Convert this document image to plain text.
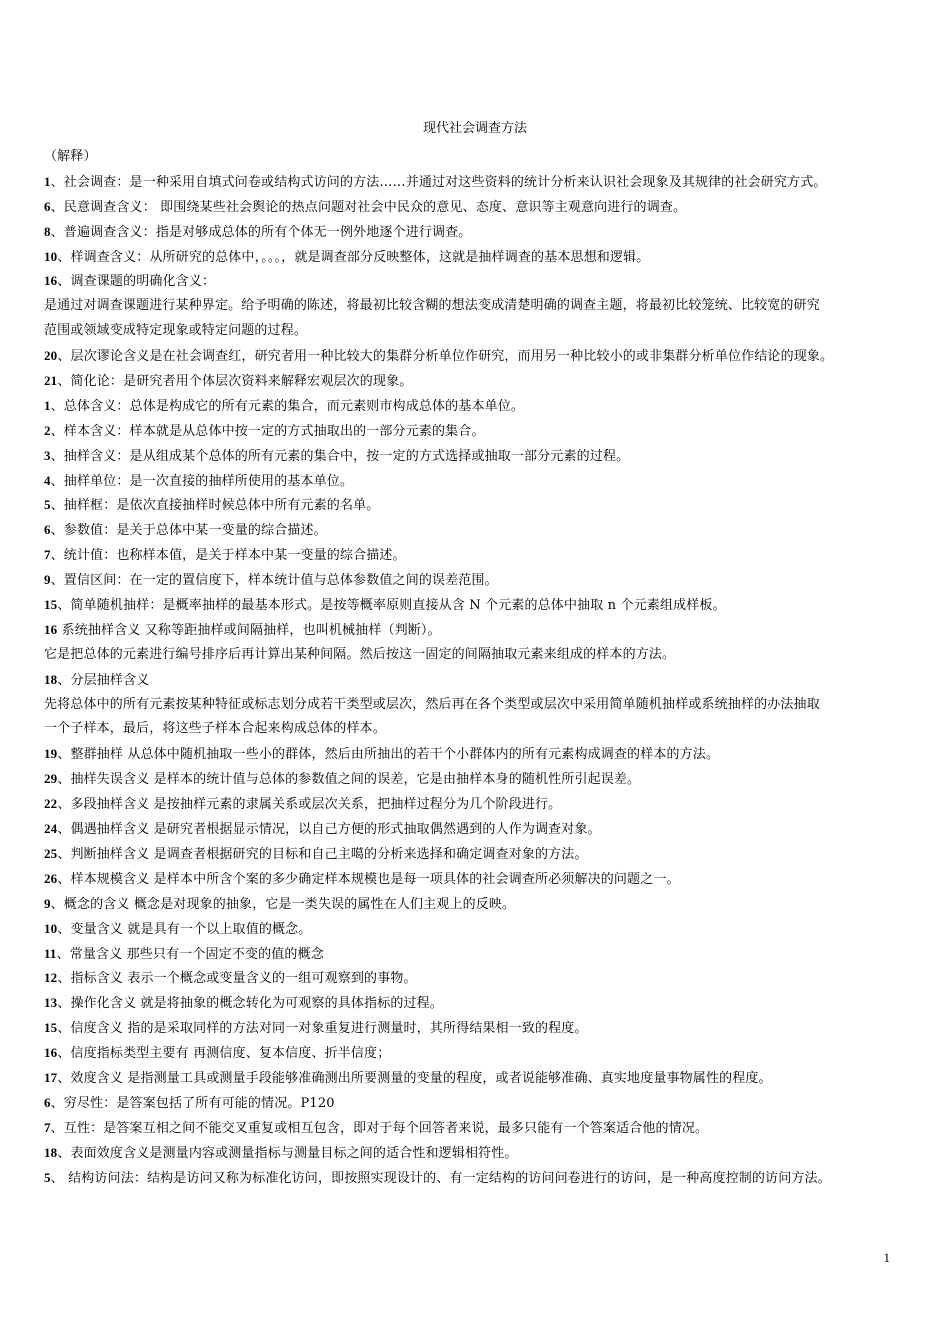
现代社会调查方法
（解释）
1、社会调查：是一种采用自填式问卷或结构式访问的方法……并通过对这些资料的统计分析来认识社会现象及其规律的社会研究方式。
6、民意调查含义： 即围绕某些社会舆论的热点问题对社会中民众的意见、态度、意识等主观意向进行的调查。
8、普遍调查含义：指是对够成总体的所有个体无一例外地逐个进行调查。
10、样调查含义：从所研究的总体中，。。。，就是调查部分反映整体，这就是抽样调查的基本思想和逻辑。
16、调查课题的明确化含义：
是通过对调查课题进行某种界定。给予明确的陈述，将最初比较含糊的想法变成清楚明确的调查主题，将最初比较笼统、比较宽的研究
范围或领域变成特定现象或特定问题的过程。
20、层次谬论含义是在社会调查红，研究者用一种比较大的集群分析单位作研究，而用另一种比较小的或非集群分析单位作结论的现象。
21、简化论：是研究者用个体层次资料来解释宏观层次的现象。
1、总体含义：总体是构成它的所有元素的集合，而元素则市构成总体的基本单位。
2、样本含义：样本就是从总体中按一定的方式抽取出的一部分元素的集合。
3、抽样含义：是从组成某个总体的所有元素的集合中，按一定的方式选择或抽取一部分元素的过程。
4、抽样单位：是一次直接的抽样所使用的基本单位。
5、抽样框：是依次直接抽样时候总体中所有元素的名单。
6、参数值：是关于总体中某一变量的综合描述。
7、统计值：也称样本值，是关于样本中某一变量的综合描述。
9、置信区间：在一定的置信度下，样本统计值与总体参数值之间的误差范围。
15、简单随机抽样：是概率抽样的最基本形式。是按等概率原则直接从含 N 个元素的总体中抽取 n 个元素组成样板。
16 系统抽样含义 又称等距抽样或间隔抽样，也叫机械抽样（判断）。
它是把总体的元素进行编号排序后再计算出某种间隔。然后按这一固定的间隔抽取元素来组成的样本的方法。
18、分层抽样含义
先将总体中的所有元素按某种特征或标志划分成若干类型或层次，然后再在各个类型或层次中采用简单随机抽样或系统抽样的办法抽取
一个子样本，最后，将这些子样本合起来构成总体的样本。
19、整群抽样 从总体中随机抽取一些小的群体，然后由所抽出的若干个小群体内的所有元素构成调查的样本的方法。
29、抽样失误含义 是样本的统计值与总体的参数值之间的误差，它是由抽样本身的随机性所引起误差。
22、多段抽样含义 是按抽样元素的隶属关系或层次关系，把抽样过程分为几个阶段进行。
24、偶遇抽样含义 是研究者根据显示情况，以自己方便的形式抽取偶然遇到的人作为调查对象。
25、判断抽样含义 是调查者根据研究的目标和自己主噶的分析来选择和确定调查对象的方法。
26、样本规模含义 是样本中所含个案的多少确定样本规模也是每一项具体的社会调查所必须解决的问题之一。
9、概念的含义 概念是对现象的抽象，它是一类失误的属性在人们主观上的反映。
10、变量含义 就是具有一个以上取值的概念。
11、常量含义 那些只有一个固定不变的值的概念
12、指标含义 表示一个概念或变量含义的一组可观察到的事物。
13、操作化含义 就是将抽象的概念转化为可观察的具体指标的过程。
15、信度含义 指的是采取同样的方法对同一对象重复进行测量时，其所得结果相一致的程度。
16、信度指标类型主要有 再测信度、复本信度、折半信度；
17、效度含义 是指测量工具或测量手段能够准确测出所要测量的变量的程度，或者说能够准确、真实地度量事物属性的程度。
6、穷尽性：是答案包括了所有可能的情况。P120
7、互性：是答案互相之间不能交叉重复或相互包含，即对于每个回答者来说，最多只能有一个答案适合他的情况。
18、表面效度含义是测量内容或测量指标与测量目标之间的适合性和逻辑相符性。
5、 结构访问法：结构是访问又称为标准化访问，即按照实现设计的、有一定结构的访问问卷进行的访问，是一种高度控制的访问方法。
1
